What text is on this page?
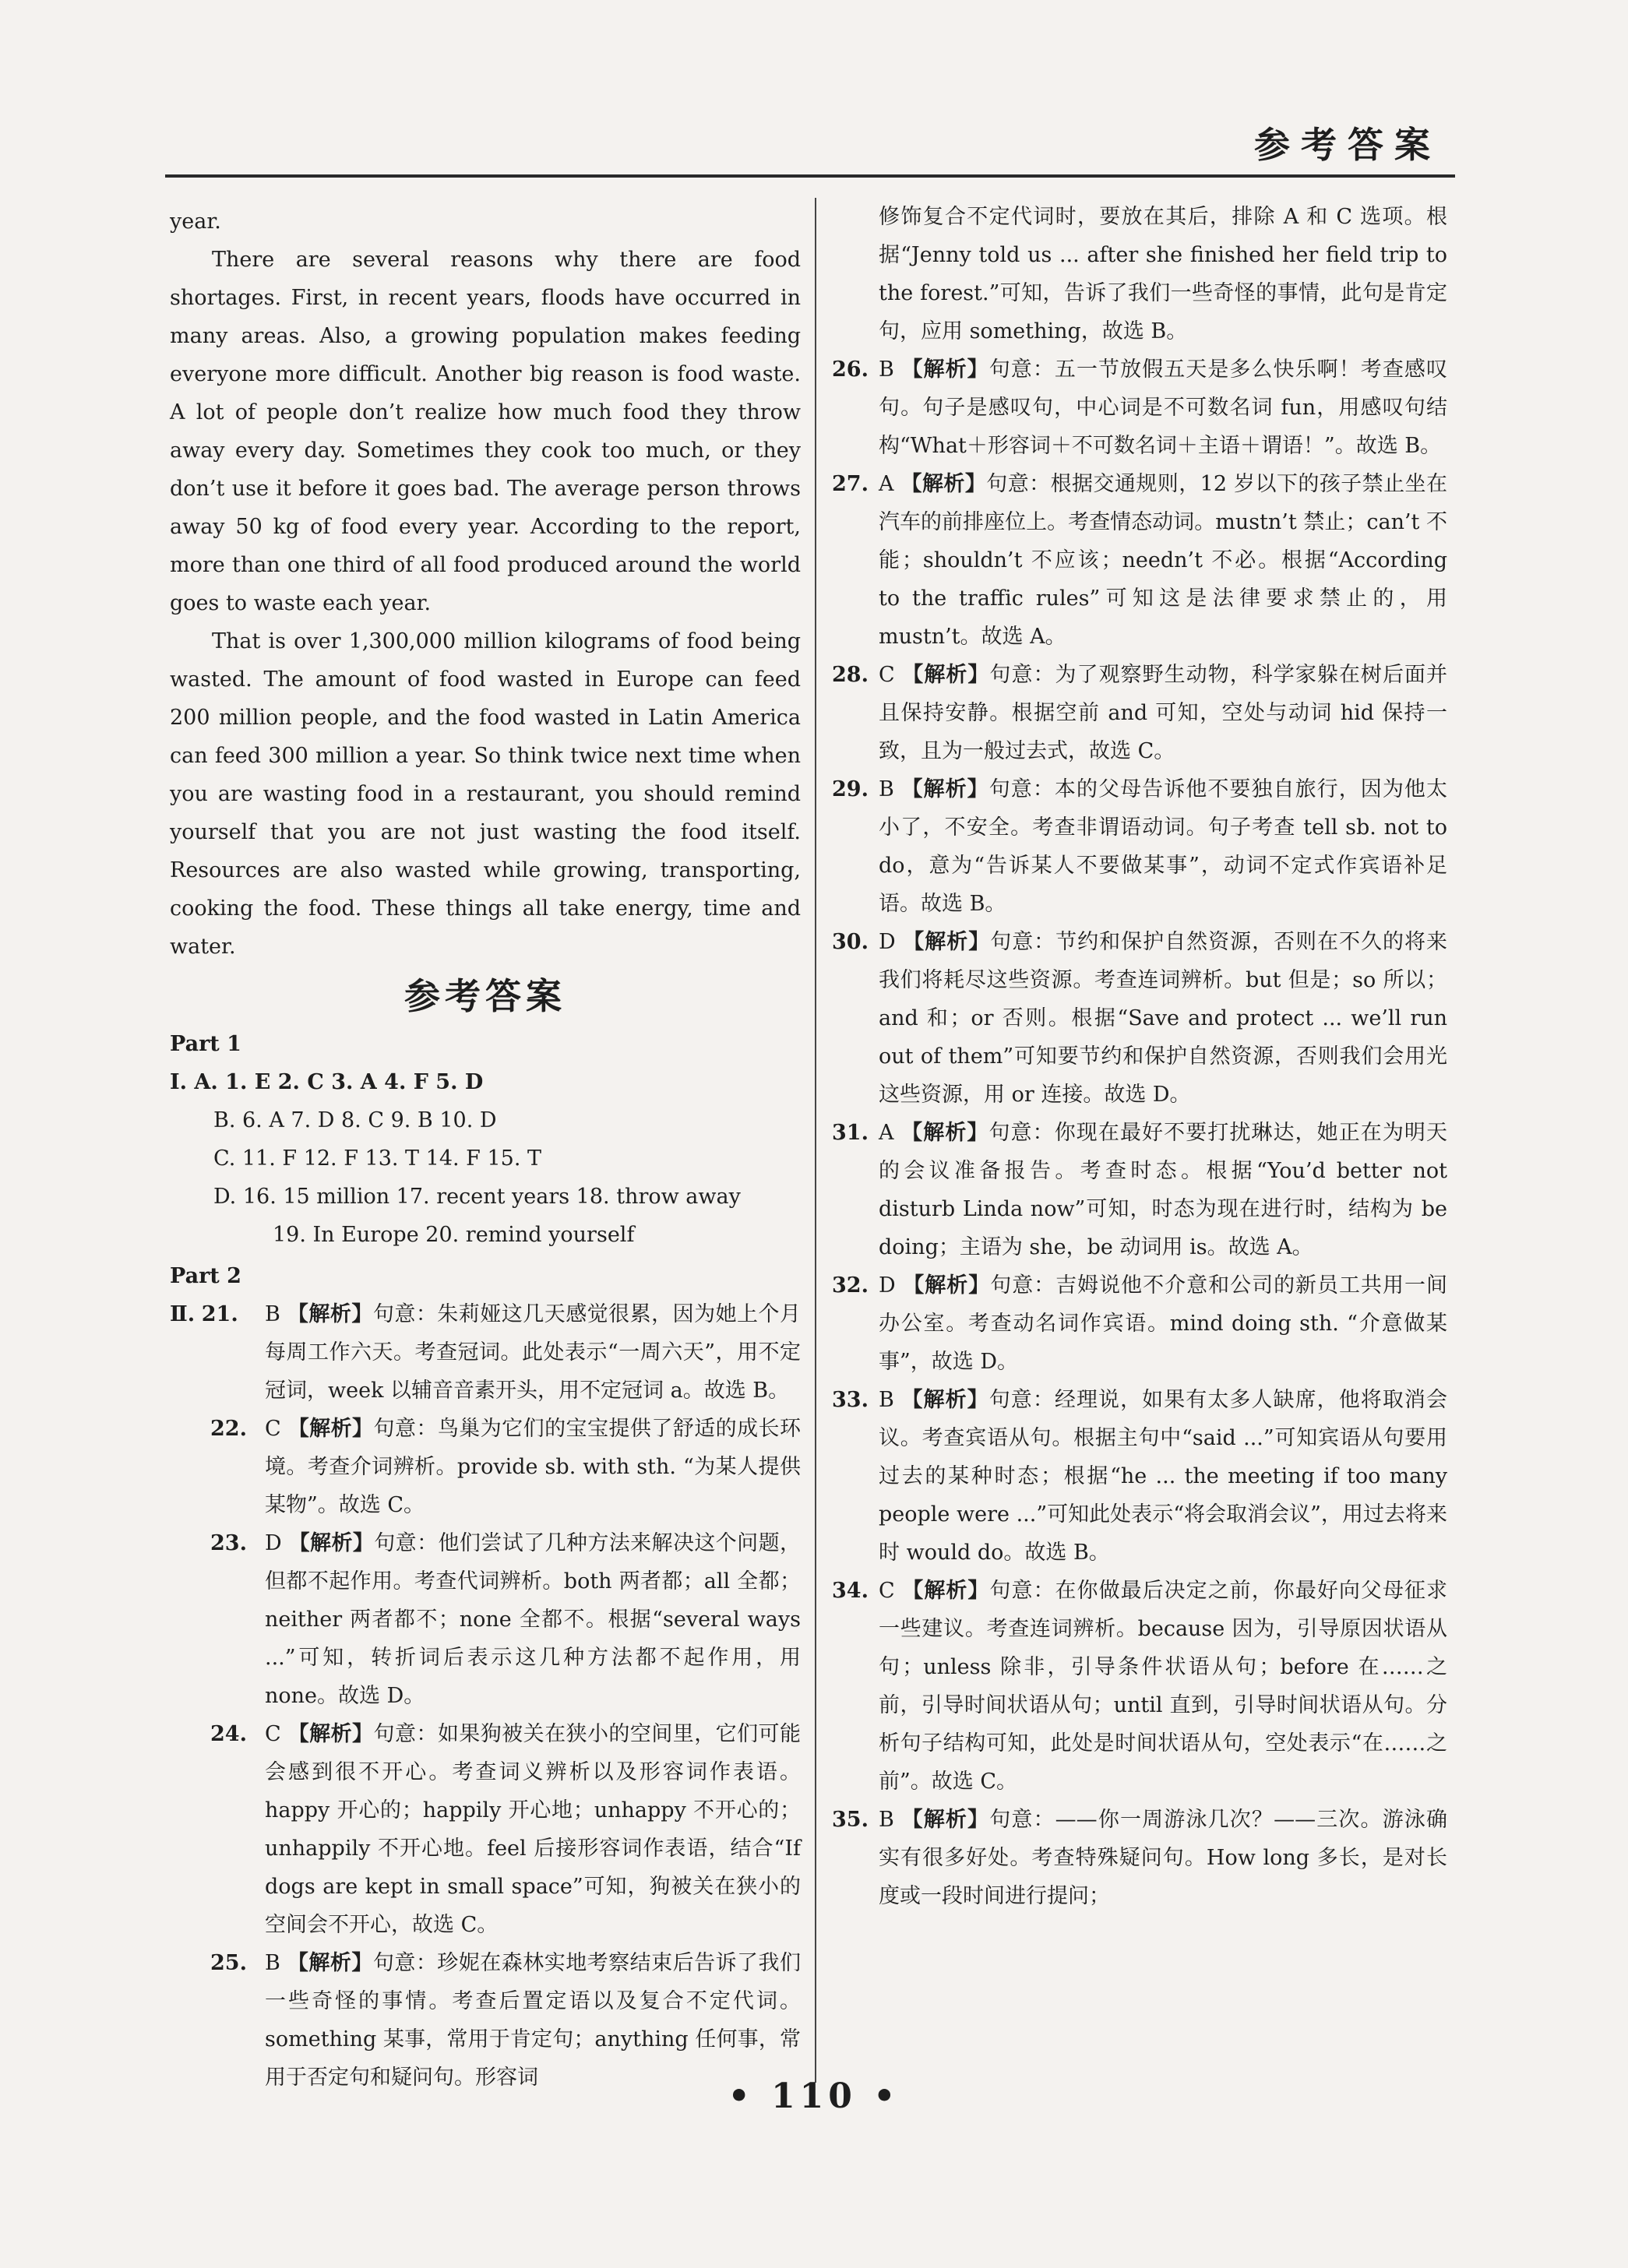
参考答案

year.

There are several reasons why there are food shortages. First, in recent years, floods have occurred in many areas. Also, a growing population makes feeding everyone more difficult. Another big reason is food waste. A lot of people don’t realize how much food they throw away every day. Sometimes they cook too much, or they don’t use it before it goes bad. The average person throws away 50 kg of food every year. According to the report, more than one third of all food produced around the world goes to waste each year.

That is over 1,300,000 million kilograms of food being wasted. The amount of food wasted in Europe can feed 200 million people, and the food wasted in Latin America can feed 300 million a year. So think twice next time when you are wasting food in a restaurant, you should remind yourself that you are not just wasting the food itself. Resources are also wasted while growing, transporting, cooking the food. These things all take energy, time and water.

参考答案
Part 1
Ⅰ. A. 1. E 2. C 3. A 4. F 5. D
B. 6. A 7. D 8. C 9. B 10. D
C. 11. F 12. F 13. T 14. F 15. T
D. 16. 15 million 17. recent years 18. throw away
19. In Europe 20. remind yourself
Part 2
Ⅱ. 21. B 【解析】句意：朱莉娅这几天感觉很累，因为她上个月每周工作六天。考查冠词。此处表示“一周六天”，用不定冠词，week 以辅音音素开头，用不定冠词 a。故选 B。
22. C 【解析】句意：鸟巢为它们的宝宝提供了舒适的成长环境。考查介词辨析。provide sb. with sth. “为某人提供某物”。故选 C。
23. D 【解析】句意：他们尝试了几种方法来解决这个问题，但都不起作用。考查代词辨析。both 两者都；all 全都；neither 两者都不；none 全都不。根据“several ways ...”可知，转折词后表示这几种方法都不起作用，用 none。故选 D。
24. C 【解析】句意：如果狗被关在狭小的空间里，它们可能会感到很不开心。考查词义辨析以及形容词作表语。happy 开心的；happily 开心地；unhappy 不开心的；unhappily 不开心地。feel 后接形容词作表语，结合“If dogs are kept in small space”可知，狗被关在狭小的空间会不开心，故选 C。
25. B 【解析】句意：珍妮在森林实地考察结束后告诉了我们一些奇怪的事情。考查后置定语以及复合不定代词。something 某事，常用于肯定句；anything 任何事，常用于否定句和疑问句。形容词

修饰复合不定代词时，要放在其后，排除 A 和 C 选项。根据“Jenny told us ... after she finished her field trip to the forest.”可知，告诉了我们一些奇怪的事情，此句是肯定句，应用 something，故选 B。

26. B 【解析】句意：五一节放假五天是多么快乐啊！考查感叹句。句子是感叹句，中心词是不可数名词 fun，用感叹句结构“What＋形容词＋不可数名词＋主语＋谓语！”。故选 B。
27. A 【解析】句意：根据交通规则，12 岁以下的孩子禁止坐在汽车的前排座位上。考查情态动词。mustn’t 禁止；can’t 不能；shouldn’t 不应该；needn’t 不必。根据“According to the traffic rules”可知这是法律要求禁止的，用 mustn’t。故选 A。
28. C 【解析】句意：为了观察野生动物，科学家躲在树后面并且保持安静。根据空前 and 可知，空处与动词 hid 保持一致，且为一般过去式，故选 C。
29. B 【解析】句意：本的父母告诉他不要独自旅行，因为他太小了，不安全。考查非谓语动词。句子考查 tell sb. not to do，意为“告诉某人不要做某事”，动词不定式作宾语补足语。故选 B。
30. D 【解析】句意：节约和保护自然资源，否则在不久的将来我们将耗尽这些资源。考查连词辨析。but 但是；so 所以；and 和；or 否则。根据“Save and protect ... we’ll run out of them”可知要节约和保护自然资源，否则我们会用光这些资源，用 or 连接。故选 D。
31. A 【解析】句意：你现在最好不要打扰琳达，她正在为明天的会议准备报告。考查时态。根据“You’d better not disturb Linda now”可知，时态为现在进行时，结构为 be doing；主语为 she，be 动词用 is。故选 A。
32. D 【解析】句意：吉姆说他不介意和公司的新员工共用一间办公室。考查动名词作宾语。mind doing sth. “介意做某事”，故选 D。
33. B 【解析】句意：经理说，如果有太多人缺席，他将取消会议。考查宾语从句。根据主句中“said ...”可知宾语从句要用过去的某种时态；根据“he ... the meeting if too many people were ...”可知此处表示“将会取消会议”，用过去将来时 would do。故选 B。
34. C 【解析】句意：在你做最后决定之前，你最好向父母征求一些建议。考查连词辨析。because 因为，引导原因状语从句；unless 除非，引导条件状语从句；before 在……之前，引导时间状语从句；until 直到，引导时间状语从句。分析句子结构可知，此处是时间状语从句，空处表示“在……之前”。故选 C。
35. B 【解析】句意：——你一周游泳几次？——三次。游泳确实有很多好处。考查特殊疑问句。How long 多长，是对长度或一段时间进行提问；
• 110 •
